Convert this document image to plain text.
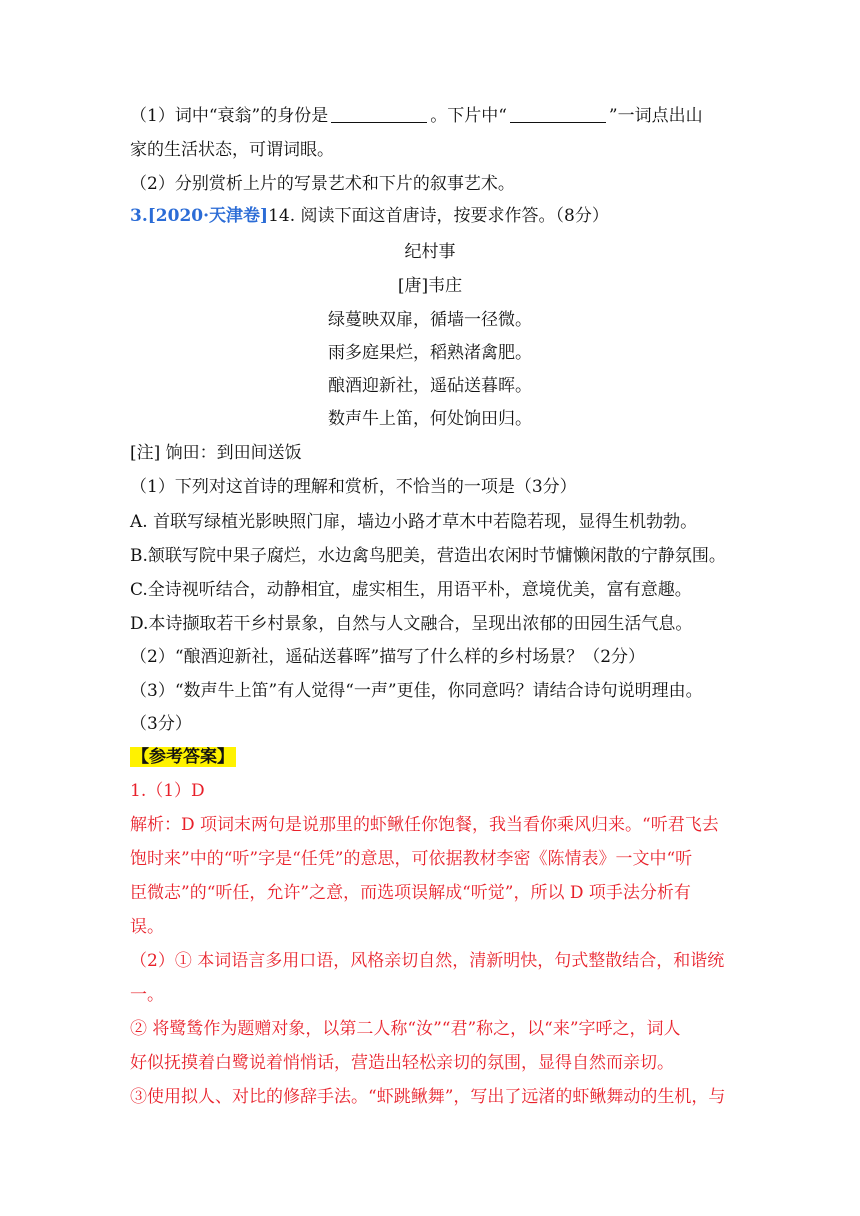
（1）词中“衰翁”的身份是	。下片中“	”一词点出山
家的生活状态，可谓词眼。
（2）分别赏析上片的写景艺术和下片的叙事艺术。
3.[2020·天津卷]14. 阅读下面这首唐诗，按要求作答。（8分）
纪村事
[唐]韦庄
绿蔓映双扉，循墙一径微。
雨多庭果烂，稻熟渚禽肥。
酿酒迎新社，遥砧送暮晖。
数声牛上笛，何处饷田归。
[注] 饷田：到田间送饭
（1）下列对这首诗的理解和赏析，不恰当的一项是（3分）
A. 首联写绿植光影映照门扉，墙边小路才草木中若隐若现，显得生机勃勃。
B.颔联写院中果子腐烂，水边禽鸟肥美，营造出农闲时节慵懒闲散的宁静氛围。
C.全诗视听结合，动静相宜，虚实相生，用语平朴，意境优美，富有意趣。
D.本诗撷取若干乡村景象，自然与人文融合，呈现出浓郁的田园生活气息。
（2）“酿酒迎新社，遥砧送暮晖”描写了什么样的乡村场景？（2分）
（3）“数声牛上笛”有人觉得“一声”更佳，你同意吗？请结合诗句说明理由。
（3分）
【参考答案】
1.（1）D
解析：D 项词末两句是说那里的虾鳅任你饱餐，我当看你乘风归来。“听君飞去
饱时来”中的“听”字是“任凭”的意思，可依据教材李密《陈情表》一文中“听
臣微志”的“听任，允许”之意，而选项误解成“听觉”，所以 D 项手法分析有
误。
（2）① 本词语言多用口语，风格亲切自然，清新明快，句式整散结合，和谐统
一。
② 将鹭鸶作为题赠对象，以第二人称“汝”“君”称之，以“来”字呼之，词人
好似抚摸着白鹭说着悄悄话，营造出轻松亲切的氛围，显得自然而亲切。
③使用拟人、对比的修辞手法。“虾跳鳅舞”，写出了远渚的虾鳅舞动的生机，与
